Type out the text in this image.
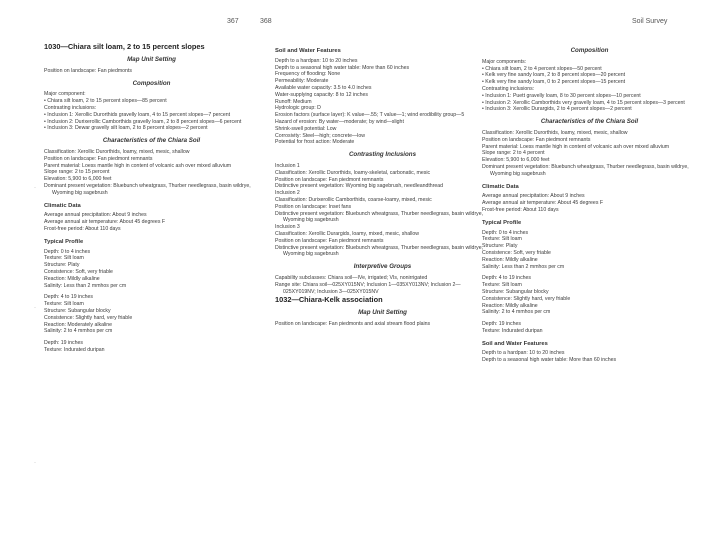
367	368	Soil Survey
·
·
·

1030—Chiara silt loam, 2 to 15 percent slopes

Map Unit Setting

Position on landscape: Fan piedmonts

Composition

Major component:

• Chiara silt loam, 2 to 15 percent slopes—85 percent

Contrasting inclusions:

• Inclusion 1: Xerollic Durorthids gravelly loam, 4 to 15 percent slopes—7 percent

• Inclusion 2: Durixerollic Camborthids gravelly loam, 2 to 8 percent slopes—6 percent

• Inclusion 3: Dewar gravelly silt loam, 2 to 8 percent slopes—2 percent

Characteristics of the Chiara Soil

Classification: Xerollic Durorthids, loamy, mixed, mesic, shallow

Position on landscape: Fan piedmont remnants

Parent material: Loess mantle high in content of volcanic ash over mixed alluvium

Slope range: 2 to 15 percent

Elevation: 5,900 to 6,000 feet

Dominant present vegetation: Bluebunch wheatgrass, Thurber needlegrass, basin wildrye, Wyoming big sagebrush

Climatic Data

Average annual precipitation: About 9 inches

Average annual air temperature: About 45 degrees F

Frost-free period: About 110 days

Typical Profile

Depth: 0 to 4 inches

Texture: Silt loam

Structure: Platy

Consistence: Soft, very friable

Reaction: Mildly alkaline

Salinity: Less than 2 mmhos per cm

Depth: 4 to 19 inches

Texture: Silt loam

Structure: Subangular blocky

Consistence: Slightly hard, very friable

Reaction: Moderately alkaline

Salinity: 2 to 4 mmhos per cm

Depth: 19 inches

Texture: Indurated duripan

Soil and Water Features

Depth to a hardpan: 10 to 20 inches

Depth to a seasonal high water table: More than 60 inches

Frequency of flooding: None

Permeability: Moderate

Available water capacity: 3.5 to 4.0 inches

Water-supplying capacity: 8 to 12 inches

Runoff: Medium

Hydrologic group: D

Erosion factors (surface layer): K value—.55; T value—1; wind erodibility group—5

Hazard of erosion: By water—moderate; by wind—slight

Shrink-swell potential: Low

Corrosivity: Steel—high; concrete—low

Potential for frost action: Moderate

Contrasting Inclusions

Inclusion 1

Classification: Xerollic Durorthids, loamy-skeletal, carbonatic, mesic

Position on landscape: Fan piedmont remnants

Distinctive present vegetation: Wyoming big sagebrush, needleandthread

Inclusion 2

Classification: Durixerollic Camborthids, coarse-loamy, mixed, mesic

Position on landscape: Inset fans

Distinctive present vegetation: Bluebunch wheatgrass, Thurber needlegrass, basin wildrye, Wyoming big sagebrush

Inclusion 3

Classification: Xerollic Durargids, loamy, mixed, mesic, shallow

Position on landscape: Fan piedmont remnants

Distinctive present vegetation: Bluebunch wheatgrass, Thurber needlegrass, basin wildrye, Wyoming big sagebrush

Interpretive Groups

Capability subclasses: Chiara soil—IVe, irrigated; VIs, nonirrigated

Range site: Chiara soil—025XY015NV; Inclusion 1—035XY013NV; Inclusion 2—025XY019NV; Inclusion 3—025XY015NV

1032—Chiara-Kelk association

Map Unit Setting

Position on landscape: Fan piedmonts and axial stream flood plains

Composition

Major components:

• Chiara silt loam, 2 to 4 percent slopes—50 percent

• Kelk very fine sandy loam, 2 to 8 percent slopes—20 percent

• Kelk very fine sandy loam, 0 to 2 percent slopes—15 percent

Contrasting inclusions:

• Inclusion 1: Puett gravelly loam, 8 to 30 percent slopes—10 percent

• Inclusion 2: Xerollic Camborthids very gravelly loam, 4 to 15 percent slopes—3 percent

• Inclusion 3: Xerollic Durargids, 2 to 4 percent slopes—2 percent

Characteristics of the Chiara Soil

Classification: Xerollic Durorthids, loamy, mixed, mesic, shallow

Position on landscape: Fan piedmont remnants

Parent material: Loess mantle high in content of volcanic ash over mixed alluvium

Slope range: 2 to 4 percent

Elevation: 5,900 to 6,000 feet

Dominant present vegetation: Bluebunch wheatgrass, Thurber needlegrass, basin wildrye, Wyoming big sagebrush

Climatic Data

Average annual precipitation: About 9 inches

Average annual air temperature: About 45 degrees F

Frost-free period: About 110 days

Typical Profile

Depth: 0 to 4 inches

Texture: Silt loam

Structure: Platy

Consistence: Soft, very friable

Reaction: Mildly alkaline

Salinity: Less than 2 mmhos per cm

Depth: 4 to 19 inches

Texture: Silt loam

Structure: Subangular blocky

Consistence: Slightly hard, very friable

Reaction: Mildly alkaline

Salinity: 2 to 4 mmhos per cm

Depth: 19 inches

Texture: Indurated duripan

Soil and Water Features

Depth to a hardpan: 10 to 20 inches

Depth to a seasonal high water table: More than 60 inches
